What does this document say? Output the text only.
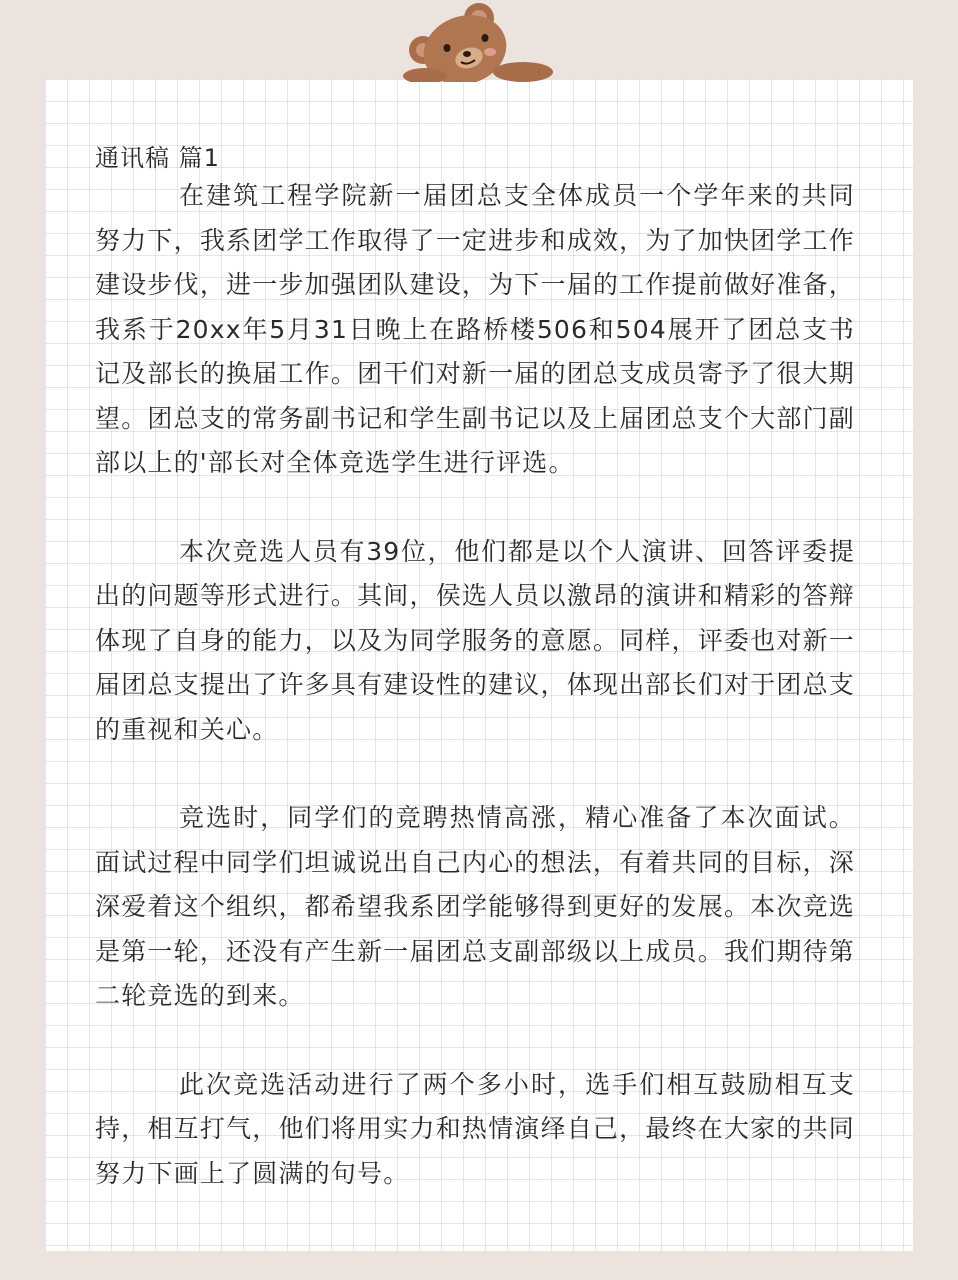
通讯稿 篇1

在建筑工程学院新一届团总支全体成员一个学年来的共同努力下，我系团学工作取得了一定进步和成效，为了加快团学工作建设步伐，进一步加强团队建设，为下一届的工作提前做好准备，我系于20xx年5月31日晚上在路桥楼506和504展开了团总支书记及部长的换届工作。团干们对新一届的团总支成员寄予了很大期望。团总支的常务副书记和学生副书记以及上届团总支个大部门副部以上的'部长对全体竞选学生进行评选。

本次竞选人员有39位，他们都是以个人演讲、回答评委提出的问题等形式进行。其间，侯选人员以激昂的演讲和精彩的答辩体现了自身的能力，以及为同学服务的意愿。同样，评委也对新一届团总支提出了许多具有建设性的建议，体现出部长们对于团总支的重视和关心。

竞选时，同学们的竞聘热情高涨，精心准备了本次面试。面试过程中同学们坦诚说出自己内心的想法，有着共同的目标，深深爱着这个组织，都希望我系团学能够得到更好的发展。本次竞选是第一轮，还没有产生新一届团总支副部级以上成员。我们期待第二轮竞选的到来。

此次竞选活动进行了两个多小时，选手们相互鼓励相互支持，相互打气，他们将用实力和热情演绎自己，最终在大家的共同努力下画上了圆满的句号。
